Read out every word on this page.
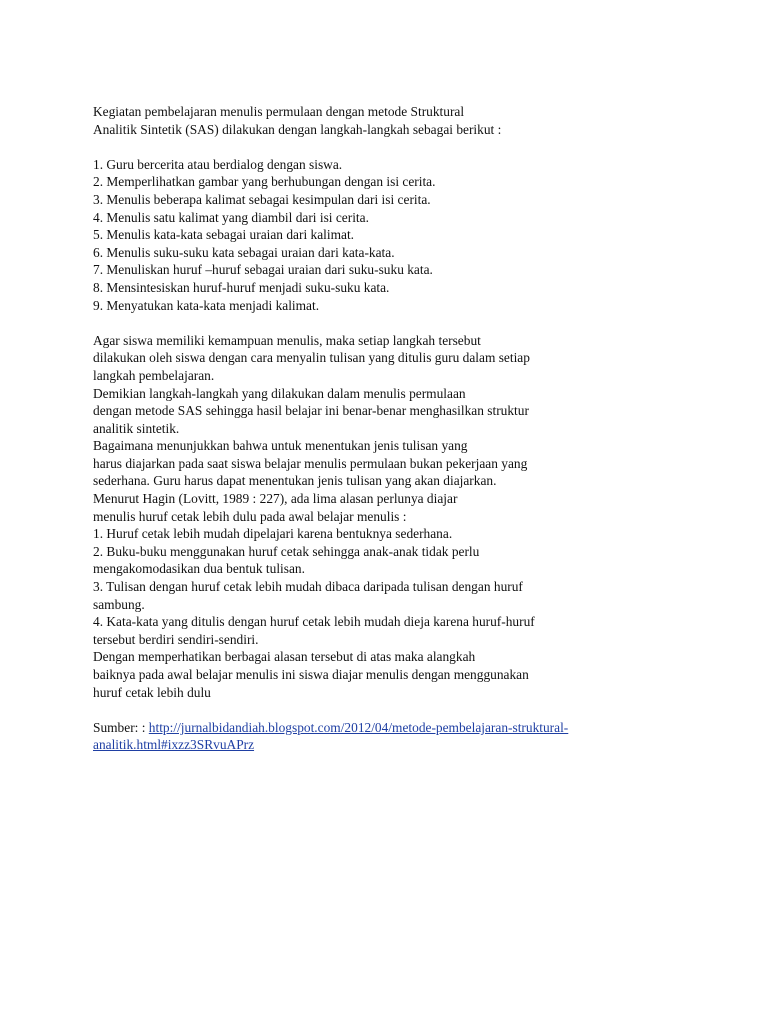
Kegiatan pembelajaran menulis permulaan dengan metode Struktural
Analitik Sintetik (SAS) dilakukan dengan langkah-langkah sebagai berikut :
1. Guru bercerita atau berdialog dengan siswa.
2. Memperlihatkan gambar yang berhubungan dengan isi cerita.
3. Menulis beberapa kalimat sebagai kesimpulan dari isi cerita.
4. Menulis satu kalimat yang diambil dari isi cerita.
5. Menulis kata-kata sebagai uraian dari kalimat.
6. Menulis suku-suku kata sebagai uraian dari kata-kata.
7. Menuliskan huruf –huruf sebagai uraian dari suku-suku kata.
8. Mensintesiskan huruf-huruf menjadi suku-suku kata.
9. Menyatukan kata-kata menjadi kalimat.
Agar siswa memiliki kemampuan menulis, maka setiap langkah tersebut
dilakukan oleh siswa dengan cara menyalin tulisan yang ditulis guru dalam setiap
langkah pembelajaran.
Demikian langkah-langkah yang dilakukan dalam menulis permulaan
dengan metode SAS sehingga hasil belajar ini benar-benar menghasilkan struktur
analitik sintetik.
Bagaimana menunjukkan bahwa untuk menentukan jenis tulisan yang
harus diajarkan pada saat siswa belajar menulis permulaan bukan pekerjaan yang
sederhana. Guru harus dapat menentukan jenis tulisan yang akan diajarkan.
Menurut Hagin (Lovitt, 1989 : 227), ada lima alasan perlunya diajar
menulis huruf cetak lebih dulu pada awal belajar menulis :
1. Huruf cetak lebih mudah dipelajari karena bentuknya sederhana.
2. Buku-buku menggunakan huruf cetak sehingga anak-anak tidak perlu
mengakomodasikan dua bentuk tulisan.
3. Tulisan dengan huruf cetak lebih mudah dibaca daripada tulisan dengan huruf
sambung.
4. Kata-kata yang ditulis dengan huruf cetak lebih mudah dieja karena huruf-huruf
tersebut berdiri sendiri-sendiri.
Dengan memperhatikan berbagai alasan tersebut di atas maka alangkah
baiknya pada awal belajar menulis ini siswa diajar menulis dengan menggunakan
huruf cetak lebih dulu
Sumber: : http://jurnalbidandiah.blogspot.com/2012/04/metode-pembelajaran-struktural-
analitik.html#ixzz3SRvuAPrz
